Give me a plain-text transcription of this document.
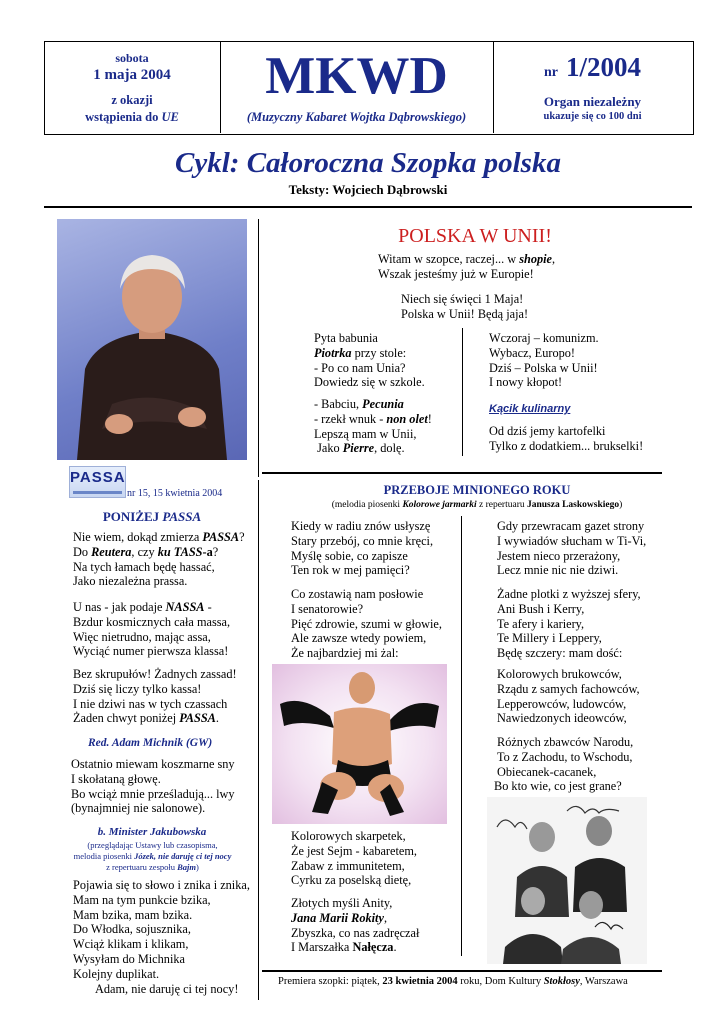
sobota
1 maja 2004
z okazji
wstąpienia do UE
MKWD
(Muzyczny Kabaret Wojtka Dąbrowskiego)
nr 1/2004
Organ niezależny
ukazuje się co 100 dni
Cykl: Całoroczna Szopka polska
Teksty: Wojciech Dąbrowski
POLSKA W UNII!
Witam w szopce, raczej... w shopie,
Wszak jesteśmy już w Europie!
Niech się święci 1 Maja!
Polska w Unii! Będą jaja!
Pyta babunia
Piotrka przy stole:
- Po co nam Unia?
Dowiedz się w szkole.
- Babciu, Pecunia
- rzekł wnuk - non olet!
Lepszą mam w Unii,
Jako Pierre, dolę.
Wczoraj – komunizm.
Wybacz, Europo!
Dziś – Polska w Unii!
I nowy kłopot!
Kącik kulinarny
Od dziś jemy kartofelki
Tylko z dodatkiem... brukselki!
PASSA
nr 15, 15 kwietnia 2004
PONIŻEJ PASSA
Nie wiem, dokąd zmierza PASSA?
Do Reutera, czy ku TASS-a?
Na tych łamach będę hassać,
Jako niezależna prassa.
U nas - jak podaje NASSA -
Bzdur kosmicznych cała massa,
Więc nietrudno, mając assa,
Wyciąć numer pierwsza klassa!
Bez skrupułów! Żadnych zassad!
Dziś się liczy tylko kassa!
I nie dziwi nas w tych czassach
Żaden chwyt poniżej PASSA.
Red. Adam Michnik (GW)
Ostatnio miewam koszmarne sny
I skołataną głowę.
Bo wciąż mnie prześladują... lwy
(bynajmniej nie salonowe).
b. Minister Jakubowska
(przeglądając Ustawy lub czasopisma,
melodia piosenki Józek, nie daruję ci tej nocy
z repertuaru zespołu Bajm)
Pojawia się to słowo i znika i znika,
Mam na tym punkcie bzika,
Mam bzika, mam bzika.
Do Włodka, sojusznika,
Wciąż klikam i klikam,
Wysyłam do Michnika
Kolejny duplikat.
Adam, nie daruję ci tej nocy!
PRZEBOJE MINIONEGO ROKU
(melodia piosenki Kolorowe jarmarki z repertuaru Janusza Laskowskiego)
Kiedy w radiu znów usłyszę
Stary przebój, co mnie kręci,
Myślę sobie, co zapisze
Ten rok w mej pamięci?
Co zostawią nam posłowie
I senatorowie?
Pięć zdrowie, szumi w głowie,
Ale zawsze wtedy powiem,
Że najbardziej mi żal:
Kolorowych skarpetek,
Że jest Sejm - kabaretem,
Zabaw z immunitetem,
Cyrku za poselską dietę,
Złotych myśli Anity,
Jana Marii Rokity,
Zbyszka, co nas zadręczał
I Marszałka Nałęcza.
Gdy przewracam gazet strony
I wywiadów słucham w Ti-Vi,
Jestem nieco przerażony,
Lecz mnie nic nie dziwi.
Żadne plotki z wyższej sfery,
Ani Bush i Kerry,
Te afery i kariery,
Te Millery i Leppery,
Będę szczery: mam dość:
Kolorowych brukowców,
Rządu z samych fachowców,
Lepperowców, ludowców,
Nawiedzonych ideowców,
Różnych zbawców Narodu,
To z Zachodu, to Wschodu,
Obiecanek-cacanek,
Bo kto wie, co jest grane?
Premiera szopki: piątek, 23 kwietnia 2004 roku, Dom Kultury Stokłosy, Warszawa
